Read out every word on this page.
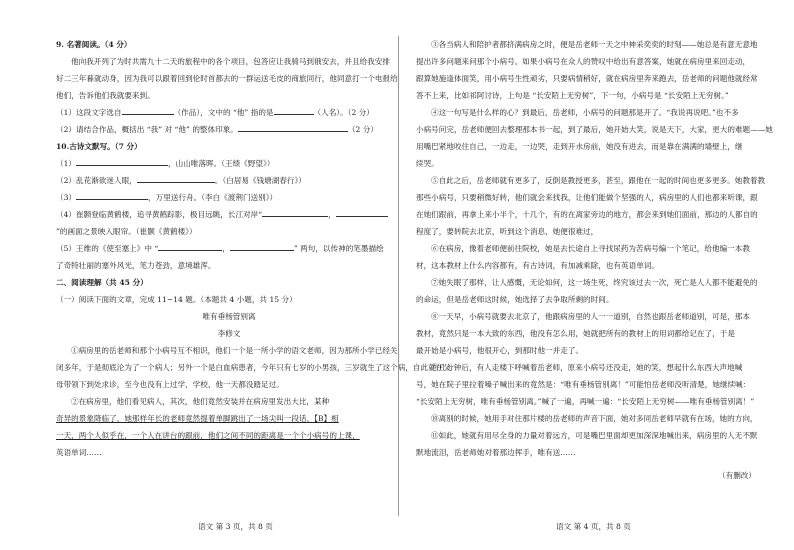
9. 名著阅读。（4 分）

他向我开列了为时共需九十二天的旅程中的各个项目，包答应让我骑马到俄安去，并且给我安排

好二三年暮就动身，因为我可以跟着回到伦时首都去的一群运送毛皮的商旅同行，他同意打一个电报给

他们，告诉他们我就要来到。

（1）这段文字选自	（作品），文中的 “他” 指的是	（人名）。（2 分）

（2）请结合作品，概括出 “我” 对 “他” 的整体印象。	（2 分）

10.古诗文默写。（7 分）

（1）	，山山唯落晖。（王绩《野望》）

（2）乱花渐欲迷人眼，	。（白居易《钱塘湖春行》）

（3）	，万里送行舟。（李白《渡荆门送别》）

（4）崔颢登临黄鹤楼，追寻黄鹤踪影，极目远眺，长江对岸“	，

”的画面之景映入眼帘。（崔颢《黄鹤楼》）

（5）王维的《使至塞上》中 “	，	” 两句，以传神的笔墨描绘

了奇特壮丽的塞外风光，笔力苍劲，意境雄浑。

二、阅读理解（共 45 分）

（一）阅读下面的文章，完成 11~14 题。（本题共 4 小题，共 15 分）

唯有垂杨管别离

李修文

①病房里的岳老师和那个小病号互不相识，他们一个是一所小学的语文老师，因为那所小学已经关

闭多年，于是彻底沦为了一个病人；另外一个是白血病患者，今年只有七岁的小男孩，三岁就生了这个病，自此就在父

母带领下到处求诊，至今也没有上过学，学校、他一天都没踏足过。

②在病房里，他们看见病人，其次，他们竟然安装并在病房里发出大比，某种

奇异的景象降临了，她那样年长的老师竟然提着单脚跳出了一场尖叫一段话，【B】相

一天，两个人似乎在，一个人在讲台的跟前，他们之间不同的距离是一个个小病号的上课，

英语单词……

③各当病人和陪护者都挤满病房之时，便是岳老师一天之中神采奕奕的时刻——她总是有意无意地

提出许多问题来问那个小病号。如果小病号在众人的赞叹中给出有意答案，她就在病房里来回走动，

跟算她施逢体面笑，用小病号生性顽劣，只要病情稍好，就在病房里奔来跑去，岳老师的问题他就经常

答不上来，比如祁阿讨诗，上句是 “长安陌上无穷树”，下一句，小病号是 “长安陌上无穷树。”

④这一句写是什么样的心？到最后，岳老师，小病号的问题那是开了。“我说再说吧。”也不多

小病号问完，岳老师便回去整理那本书一起，到了最后，她开始大笑，说是天下，大家，更大的难题——她

用嘴巴紧地咬住自己，一边走，一边哭，走到开水房前，她没有进去，而是靠在满满的墙壁上，继

续哭。

⑤自此之后，岳老师就有更多了，反倒是教授更多，甚至，跟他在一起的时间也更多更多。她教着教

那些小病号，只要稍微好转，他们就会来找我，让他们能做个坚强的人，病房里的人们也都来听课，跟

在她们跟前，再拿上来小半个，十几个，有的在离家旁边的地方，都会来到她们面前，那边的人都自的

程度了，要转院去北京，听到这个消息，她便很难过，

⑥在病房，像着老师便前往院校，她是去长途自上寻找尿药为苦病号编一个笔记，给他编一本教

材，这本教材上什么内容都有，有古诗词，有加减乘除，也有英语单词。

⑦她失眠了那样，让人感慨，无论如何，这一场生死，终究该过去一次，死亡是人人都不能避免的

的命运，但是岳老师这时候，她选择了去争取所剩的时间。

⑧一天早，小病号就要去北京了，他跟病房里的人一一道别，自然也跟岳老师道别，可是，那本

教材，竟然只是一本大致的东西，他没有怎么用，她就把所有的教材上的用词都给记在了，于是

最开始是小病号，他很开心，到那时他一并走了。

⑨几分钟后，有人走楼下呼喊着岳老师，原来小病号还没走，她的笑，想起什么东西大声地喊

号，她在院子里拉着嗓子喊出来的竟然是：“唯有垂杨管别离！”可能怕岳老师没听清楚，她继续喊：

“长安陌上无穷树，唯有垂杨管别离。”喊了一遍，再喊一遍：“长安陌上无穷树——唯有垂杨管别离！”

⑩离别的时候，她用手对住那片楼的岳老师的声音下面，她对多同岳老师早就有在场，她的方向，

⑪如此，她就有用尽全身的力量对着远方，可是嘴巴里面却更加深深地喊出来，病房里的人无不默

默地流泪，岳老师她对着那边挥手，唯有送……

（有删改）

语文 第 3 页，共 8 页	语文 第 4 页，共 8 页
